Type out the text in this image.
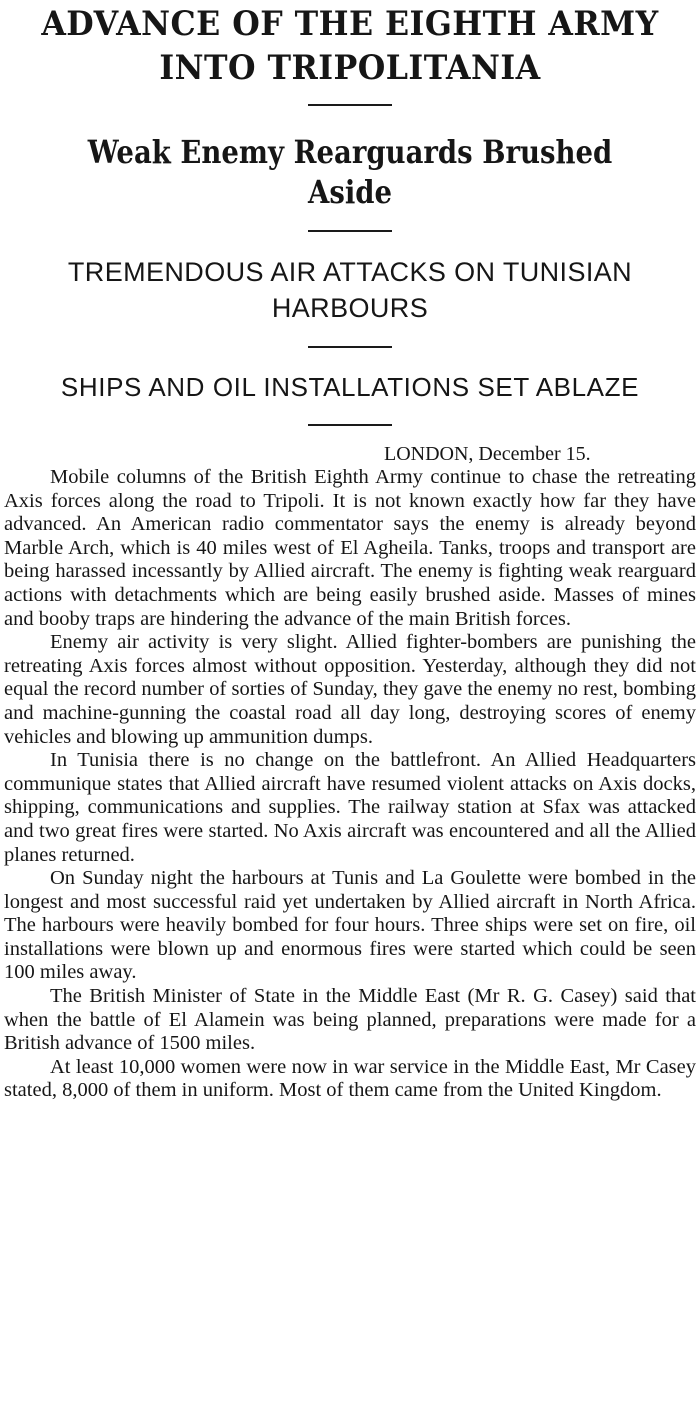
ADVANCE OF THE EIGHTH ARMY INTO TRIPOLITANIA
Weak Enemy Rearguards Brushed Aside
TREMENDOUS AIR ATTACKS ON TUNISIAN HARBOURS
SHIPS AND OIL INSTALLATIONS SET ABLAZE
LONDON, December 15.

Mobile columns of the British Eighth Army continue to chase the retreating Axis forces along the road to Tripoli. It is not known exactly how far they have advanced. An American radio commentator says the enemy is already beyond Marble Arch, which is 40 miles west of El Agheila. Tanks, troops and transport are being harassed incessantly by Allied aircraft. The enemy is fighting weak rearguard actions with detachments which are being easily brushed aside. Masses of mines and booby traps are hindering the advance of the main British forces.

Enemy air activity is very slight. Allied fighter-bombers are punishing the retreating Axis forces almost without opposition. Yesterday, although they did not equal the record number of sorties of Sunday, they gave the enemy no rest, bombing and machine-gunning the coastal road all day long, destroying scores of enemy vehicles and blowing up ammunition dumps.

In Tunisia there is no change on the battlefront. An Allied Headquarters communique states that Allied aircraft have resumed violent attacks on Axis docks, shipping, communications and supplies. The railway station at Sfax was attacked and two great fires were started. No Axis aircraft was encountered and all the Allied planes returned.

On Sunday night the harbours at Tunis and La Goulette were bombed in the longest and most successful raid yet undertaken by Allied aircraft in North Africa. The harbours were heavily bombed for four hours. Three ships were set on fire, oil installations were blown up and enormous fires were started which could be seen 100 miles away.

The British Minister of State in the Middle East (Mr R. G. Casey) said that when the battle of El Alamein was being planned, preparations were made for a British advance of 1500 miles.

At least 10,000 women were now in war service in the Middle East, Mr Casey stated, 8,000 of them in uniform. Most of them came from the United Kingdom.
